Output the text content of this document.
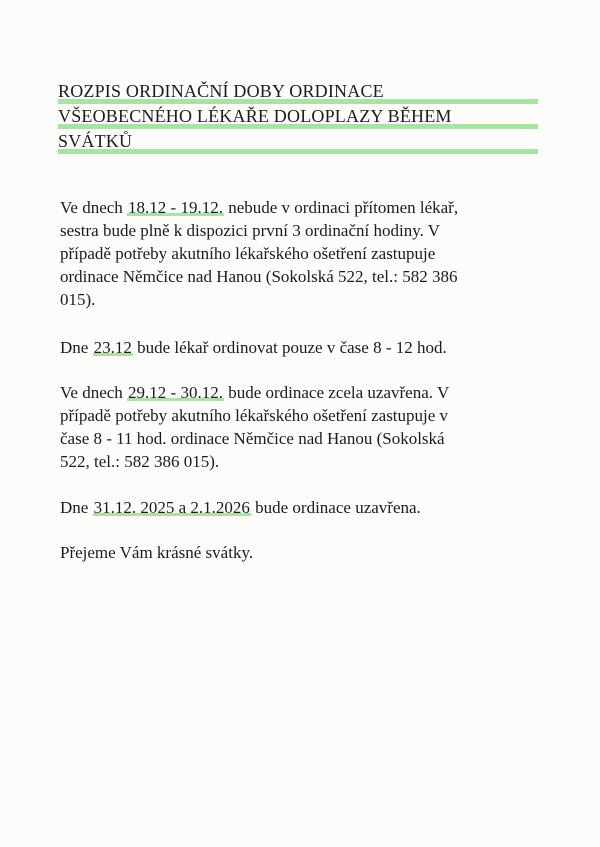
ROZPIS ORDINAČNÍ DOBY ORDINACE
VŠEOBECNÉHO LÉKAŘE DOLOPLAZY BĚHEM
SVÁTKŮ
Ve dnech 18.12 - 19.12. nebude v ordinaci přítomen lékař,
sestra bude plně k dispozici první 3 ordinační hodiny. V
případě potřeby akutního lékařského ošetření zastupuje
ordinace Němčice nad Hanou (Sokolská 522, tel.: 582 386
015).
Dne 23.12 bude lékař ordinovat pouze v čase 8 - 12 hod.
Ve dnech 29.12 - 30.12. bude ordinace zcela uzavřena. V
případě potřeby akutního lékařského ošetření zastupuje v
čase 8 - 11 hod. ordinace Němčice nad Hanou (Sokolská
522, tel.: 582 386 015).
Dne 31.12. 2025 a 2.1.2026 bude ordinace uzavřena.
Přejeme Vám krásné svátky.
